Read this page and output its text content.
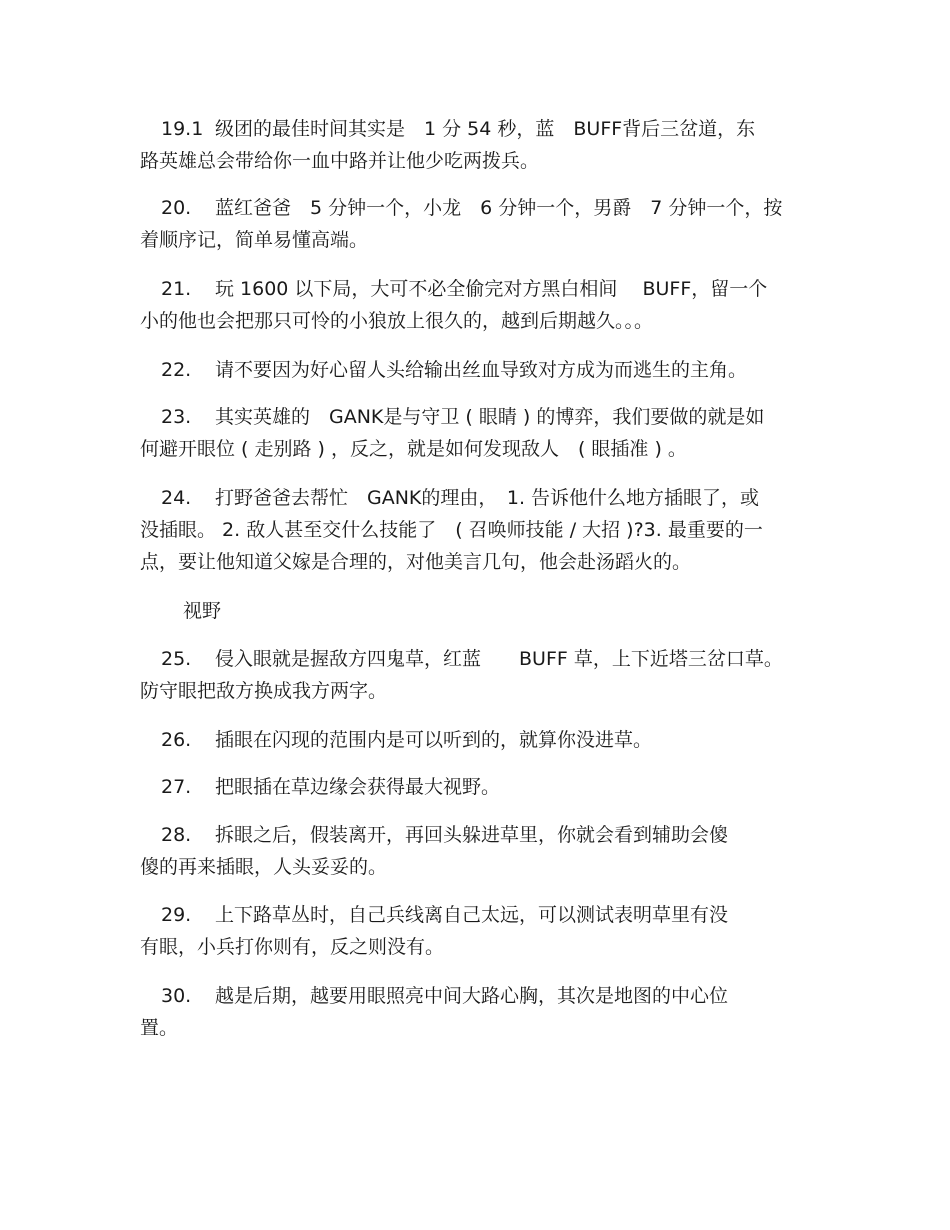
19.1 级团的最佳时间其实是　1 分 54 秒，蓝　BUFF背后三岔道，东
路英雄总会带给你一血中路并让他少吃两拨兵。
20. 蓝红爸爸　5 分钟一个，小龙　6 分钟一个，男爵　7 分钟一个，按
着顺序记，简单易懂高端。
21. 玩 1600 以下局，大可不必全偷完对方黑白相间　 BUFF，留一个
小的他也会把那只可怜的小狼放上很久的，越到后期越久。。。
22. 请不要因为好心留人头给输出丝血导致对方成为而逃生的主角。
23. 其实英雄的　GANK是与守卫 ( 眼睛 ) 的博弈，我们要做的就是如
何避开眼位 ( 走别路 ) ，反之，就是如何发现敌人　( 眼插准 ) 。
24. 打野爸爸去帮忙　GANK的理由，　1. 告诉他什么地方插眼了，或
没插眼。 2. 敌人甚至交什么技能了　( 召唤师技能 / 大招 )?3. 最重要的一
点，要让他知道父嫁是合理的，对他美言几句，他会赴汤蹈火的。
视野
25. 侵入眼就是握敌方四鬼草，红蓝　　BUFF 草，上下近塔三岔口草。
防守眼把敌方换成我方两字。
26. 插眼在闪现的范围内是可以听到的，就算你没进草。
27. 把眼插在草边缘会获得最大视野。
28. 拆眼之后，假装离开，再回头躲进草里，你就会看到辅助会傻
傻的再来插眼，人头妥妥的。
29. 上下路草丛时，自己兵线离自己太远，可以测试表明草里有没
有眼，小兵打你则有，反之则没有。
30. 越是后期，越要用眼照亮中间大路心胸，其次是地图的中心位
置。
